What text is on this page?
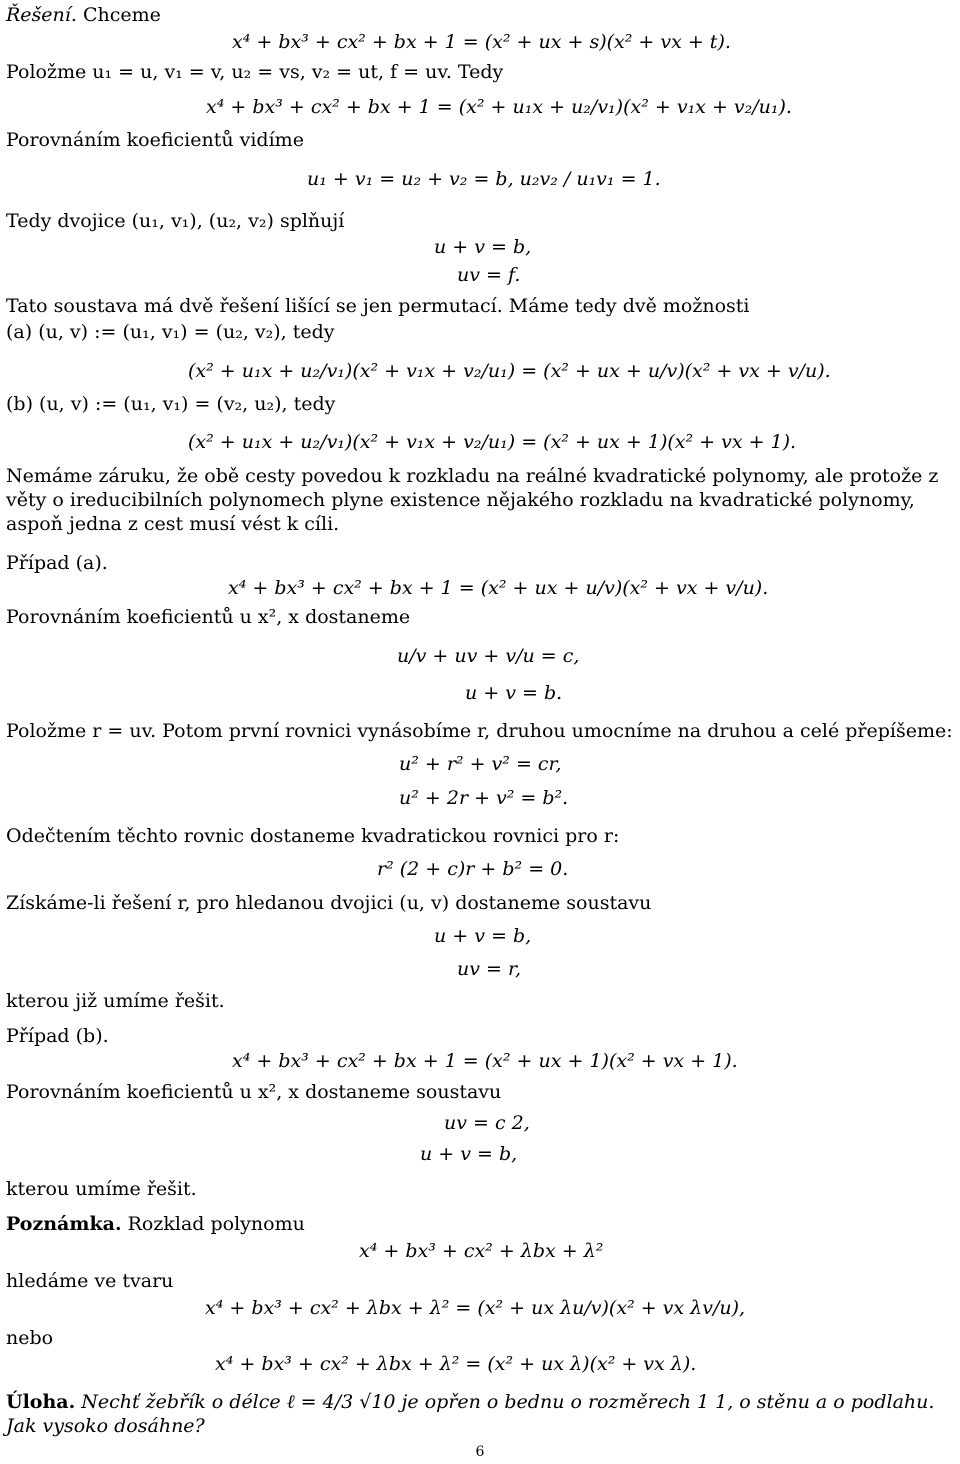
Řešení. Chceme
Položme u₁ = u, v₁ = v, u₂ = vs, v₂ = ut, f = uv. Tedy
Porovnáním koeficientů vidíme
Tedy dvojice (u₁, v₁), (u₂, v₂) splňují
Tato soustava má dvě řešení lišící se jen permutací. Máme tedy dvě možnosti
(a) (u, v) := (u₁, v₁) = (u₂, v₂), tedy
(b) (u, v) := (u₁, v₁) = (v₂, u₂), tedy
Případ (a).
Porovnáním koeficientů u x², x dostaneme
Položme r = uv. Potom první rovnici vynásobíme r, druhou umocníme na druhou a celé přepíšeme:
Odečtením těchto rovnic dostaneme kvadratickou rovnici pro r:
Získáme-li řešení r, pro hledanou dvojici (u, v) dostaneme soustavu
kterou již umíme řešit.
Případ (b).
Porovnáním koeficientů u x², x dostaneme soustavu
kterou umíme řešit.
Poznámka. Rozklad polynomu
hledáme ve tvaru
nebo
x⁴ + bx³ + cx² + bx + 1 = (x² + ux + s)(x² + vx + t).
x⁴ + bx³ + cx² + bx + 1 = (x² + u₁x + u₂/v₁)(x² + v₁x + v₂/u₁).
u₁ + v₁ = u₂ + v₂ = b, u₂v₂ / u₁v₁ = 1.
u + v = b,
uv = f.
(x² + u₁x + u₂/v₁)(x² + v₁x + v₂/u₁) = (x² + ux + u/v)(x² + vx + v/u).
(x² + u₁x + u₂/v₁)(x² + v₁x + v₂/u₁) = (x² + ux + 1)(x² + vx + 1).
x⁴ + bx³ + cx² + bx + 1 = (x² + ux + u/v)(x² + vx + v/u).
u/v + uv + v/u = c,
u + v = b.
u² + r² + v² = cr,
u² + 2r + v² = b².
r² (2 + c)r + b² = 0.
u + v = b,
uv = r,
x⁴ + bx³ + cx² + bx + 1 = (x² + ux + 1)(x² + vx + 1).
uv = c 2,
u + v = b,
x⁴ + bx³ + cx² + λbx + λ²
x⁴ + bx³ + cx² + λbx + λ² = (x² + ux λu/v)(x² + vx λv/u),
x⁴ + bx³ + cx² + λbx + λ² = (x² + ux λ)(x² + vx λ).
Nemáme záruku, že obě cesty povedou k rozkladu na reálné kvadratické polynomy, ale protože z věty o ireducibilních polynomech plyne existence nějakého rozkladu na kvadratické polynomy, aspoň jedna z cest musí vést k cíli.
Úloha. Nechť žebřík o délce ℓ = 4/3 √10 je opřen o bednu o rozměrech 1 1, o stěnu a o podlahu. Jak vysoko dosáhne?
6
